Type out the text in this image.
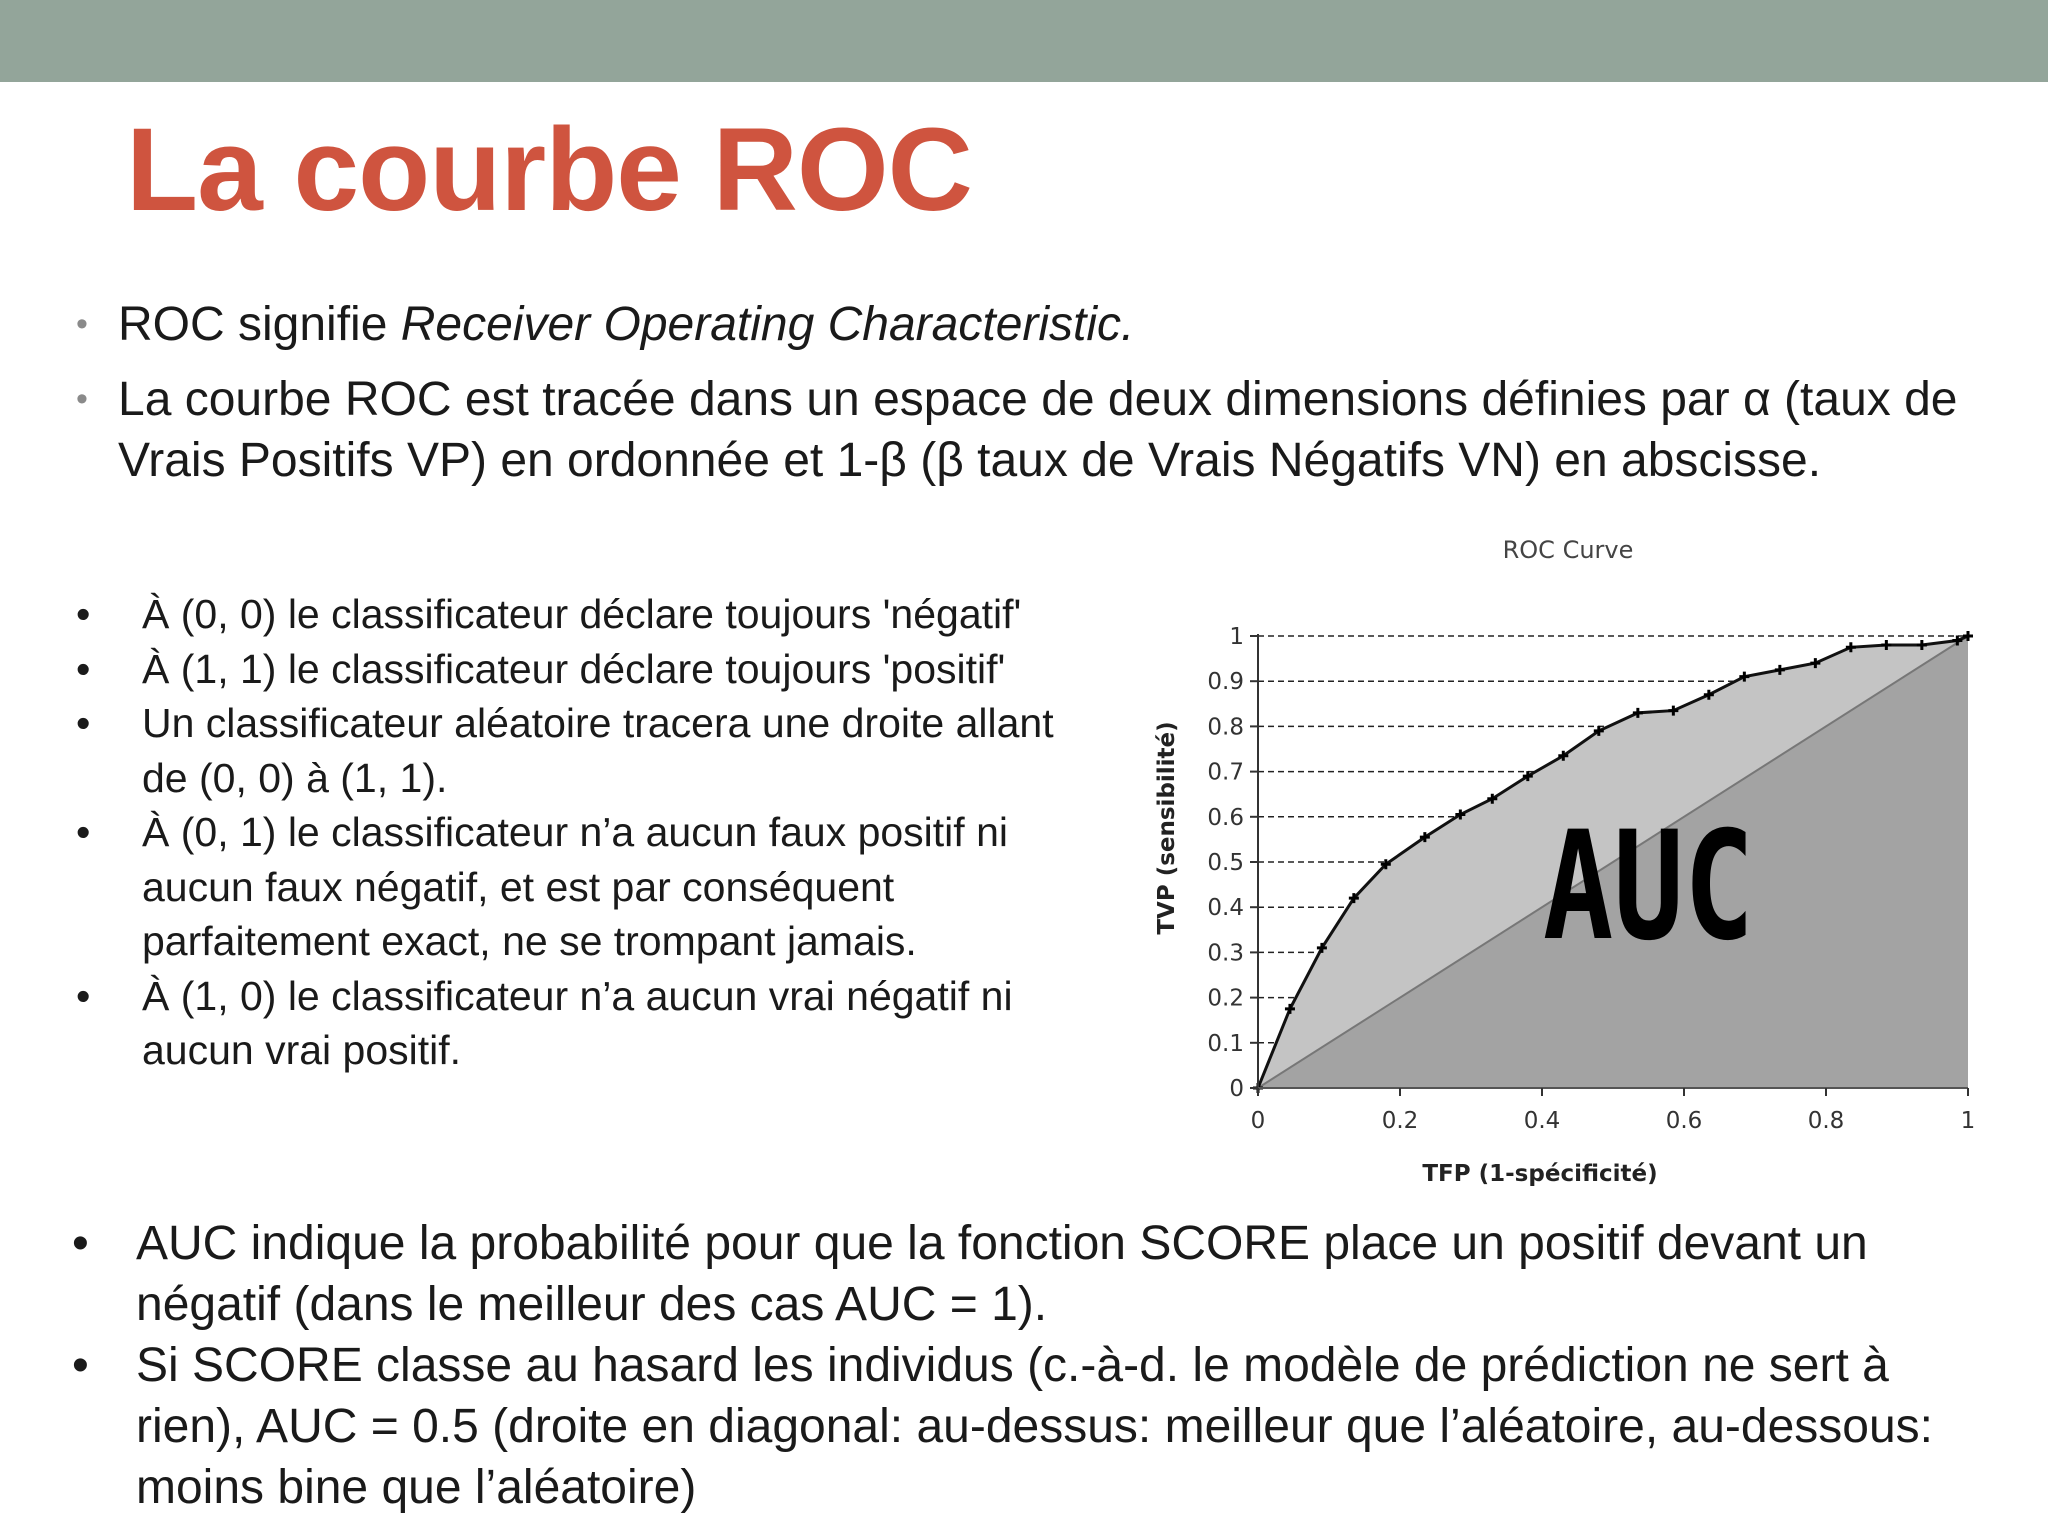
La courbe ROC
• ROC signifie Receiver Operating Characteristic.
• La courbe ROC est tracée dans un espace de deux dimensions définies par α (taux de Vrais Positifs VP) en ordonnée et 1-β (β taux de Vrais Négatifs VN) en abscisse.
• À (0, 0) le classificateur déclare toujours 'négatif'
• À (1, 1) le classificateur déclare toujours 'positif'
• Un classificateur aléatoire tracera une droite allant de (0, 0) à (1, 1).
• À (0, 1) le classificateur n’a aucun faux positif ni aucun faux négatif, et est par conséquent parfaitement exact, ne se trompant jamais.
• À (1, 0) le classificateur n’a aucun vrai négatif ni aucun vrai positif.
ROC Curve
0	0.2	0.4	0.6	0.8	1
0
0.1
0.2
0.3
0.4
0.5
0.6
0.7
0.8
0.9
1
AUC
TFP (1-spécificité)
TVP (sensibilité)
• AUC indique la probabilité pour que la fonction SCORE place un positif devant un négatif (dans le meilleur des cas AUC = 1).
• Si SCORE classe au hasard les individus (c.-à-d. le modèle de prédiction ne sert à rien), AUC = 0.5 (droite en diagonal: au-dessus: meilleur que l’aléatoire, au-dessous: moins bine que l’aléatoire)
